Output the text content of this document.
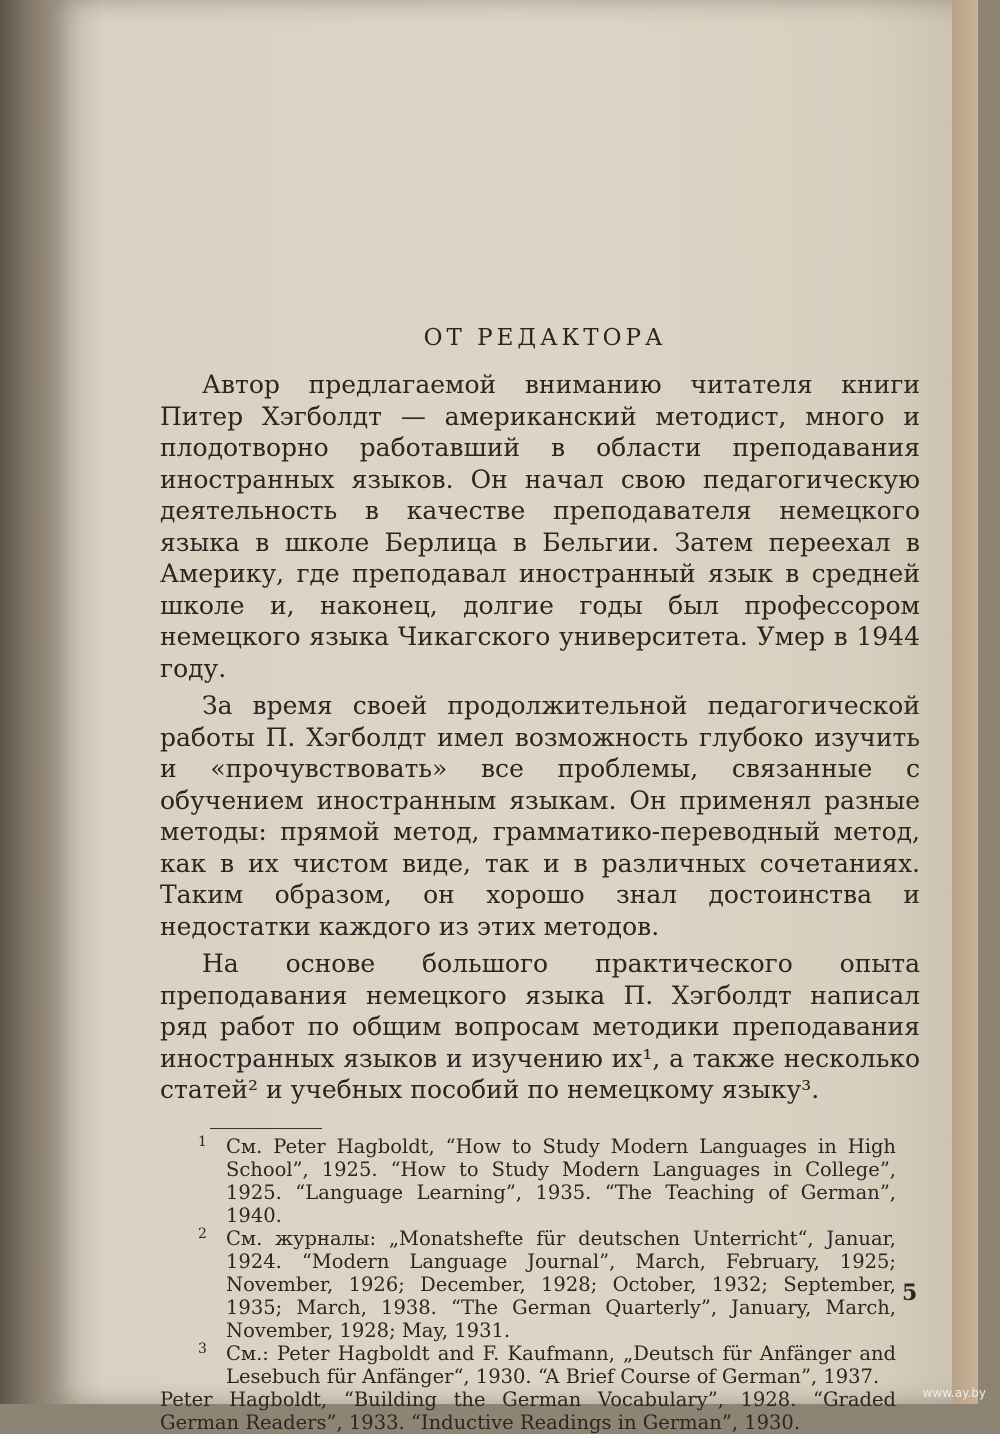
ОТ РЕДАКТОРА

Автор предлагаемой вниманию читателя книги Питер Хэгболдт — американский методист, много и плодотворно работавший в области преподавания иностранных языков. Он начал свою педагогическую деятельность в качестве преподавателя немецкого языка в школе Берлица в Бельгии. Затем переехал в Америку, где преподавал иностранный язык в средней школе и, наконец, долгие годы был профессором немецкого языка Чикагского университета. Умер в 1944 году.

За время своей продолжительной педагогической работы П. Хэгболдт имел возможность глубоко изучить и «прочувствовать» все проблемы, связанные с обучением иностранным языкам. Он применял разные методы: прямой метод, грамматико-переводный метод, как в их чистом виде, так и в различных сочетаниях. Таким образом, он хорошо знал достоинства и недостатки каждого из этих методов.

На основе большого практического опыта преподавания немецкого языка П. Хэгболдт написал ряд работ по общим вопросам методики преподавания иностранных языков и изучению их¹, а также несколько статей² и учебных пособий по немецкому языку³.

1 См. Peter Hagboldt, “How to Study Modern Languages in High School”, 1925. “How to Study Modern Languages in College”, 1925. “Language Learning”, 1935. “The Teaching of German”, 1940.

2 См. журналы: „Monatshefte für deutschen Unterricht“, Januar, 1924. “Modern Language Journal”, March, February, 1925; November, 1926; December, 1928; October, 1932; September, 1935; March, 1938. “The German Quarterly”, January, March, November, 1928; May, 1931.

3 См.: Peter Hagboldt and F. Kaufmann, „Deutsch für Anfänger and Lesebuch für Anfänger“, 1930. “A Brief Course of German”, 1937.

Peter Hagboldt, “Building the German Vocabulary”, 1928. “Graded German Readers”, 1933. “Inductive Readings in German”, 1930.

5
www.ay.by
